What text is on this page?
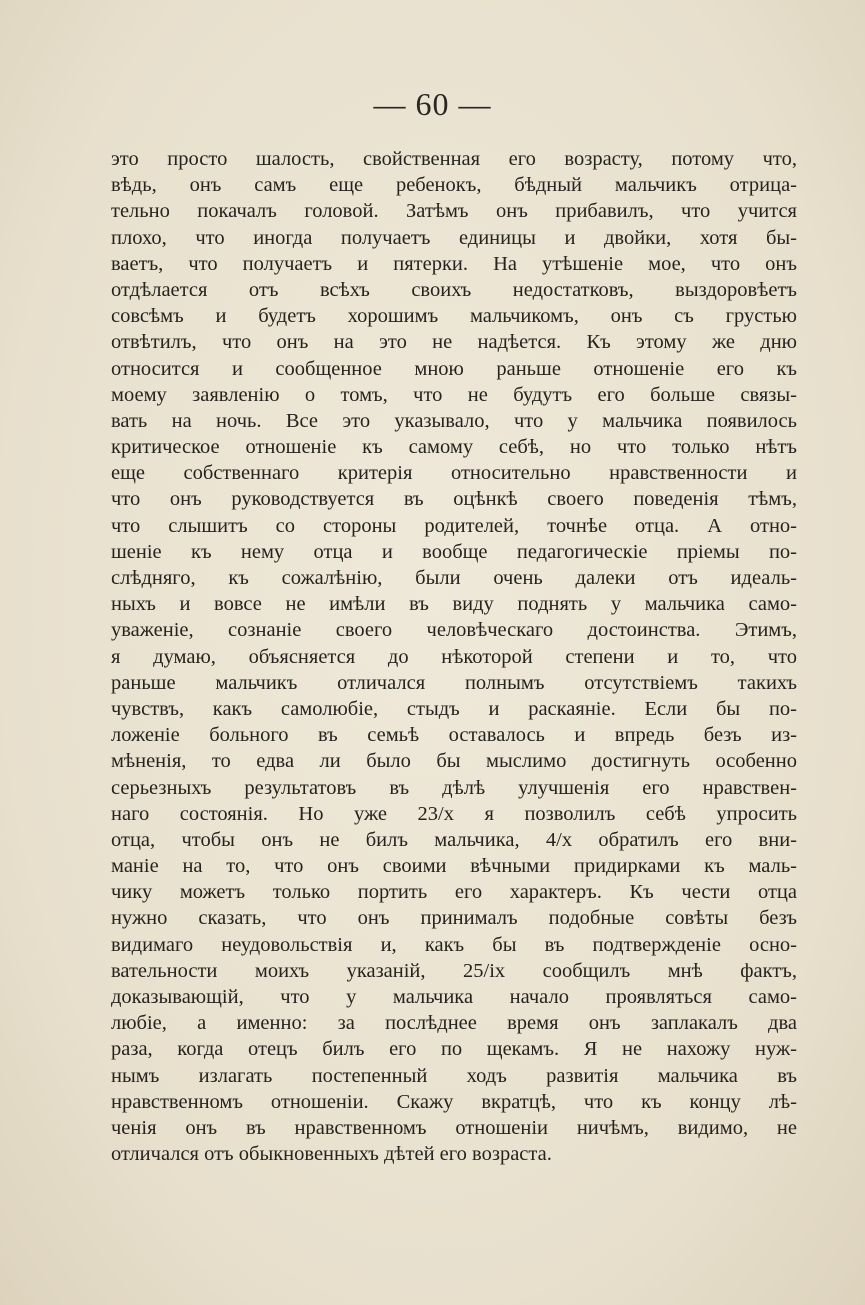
— 60 —
это просто шалость, свойственная его возрасту, потому что,
вѣдь, онъ самъ еще ребенокъ, бѣдный мальчикъ отрица-
тельно покачалъ головой. Затѣмъ онъ прибавилъ, что учится
плохо, что иногда получаетъ единицы и двойки, хотя бы-
ваетъ, что получаетъ и пятерки. На утѣшеніе мое, что онъ
отдѣлается отъ всѣхъ своихъ недостатковъ, выздоровѣетъ
совсѣмъ и будетъ хорошимъ мальчикомъ, онъ съ грустью
отвѣтилъ, что онъ на это не надѣется. Къ этому же дню
относится и сообщенное мною раньше отношеніе его къ
моему заявленію о томъ, что не будутъ его больше связы-
вать на ночь. Все это указывало, что у мальчика появилось
критическое отношеніе къ самому себѣ, но что только нѣтъ
еще собственнаго критерія относительно нравственности и
что онъ руководствуется въ оцѣнкѣ своего поведенія тѣмъ,
что слышитъ со стороны родителей, точнѣе отца. А отно-
шеніе къ нему отца и вообще педагогическіе пріемы по-
слѣдняго, къ сожалѣнію, были очень далеки отъ идеаль-
ныхъ и вовсе не имѣли въ виду поднять у мальчика само-
уваженіе, сознаніе своего человѣческаго достоинства. Этимъ,
я думаю, объясняется до нѣкоторой степени и то, что
раньше мальчикъ отличался полнымъ отсутствіемъ такихъ
чувствъ, какъ самолюбіе, стыдъ и раскаяніе. Если бы по-
ложеніе больного въ семьѣ оставалось и впредь безъ из-
мѣненія, то едва ли было бы мыслимо достигнуть особенно
серьезныхъ результатовъ въ дѣлѣ улучшенія его нравствен-
наго состоянія. Но уже 23/x я позволилъ себѣ упросить
отца, чтобы онъ не билъ мальчика, 4/x обратилъ его вни-
маніе на то, что онъ своими вѣчными придирками къ маль-
чику можетъ только портить его характеръ. Къ чести отца
нужно сказать, что онъ принималъ подобные совѣты безъ
видимаго неудовольствія и, какъ бы въ подтвержденіе осно-
вательности моихъ указаній, 25/ix сообщилъ мнѣ фактъ,
доказывающій, что у мальчика начало проявляться само-
любіе, а именно: за послѣднее время онъ заплакалъ два
раза, когда отецъ билъ его по щекамъ. Я не нахожу нуж-
нымъ излагать постепенный ходъ развитія мальчика въ
нравственномъ отношеніи. Скажу вкратцѣ, что къ концу лѣ-
ченія онъ въ нравственномъ отношеніи ничѣмъ, видимо, не
отличался отъ обыкновенныхъ дѣтей его возраста.
